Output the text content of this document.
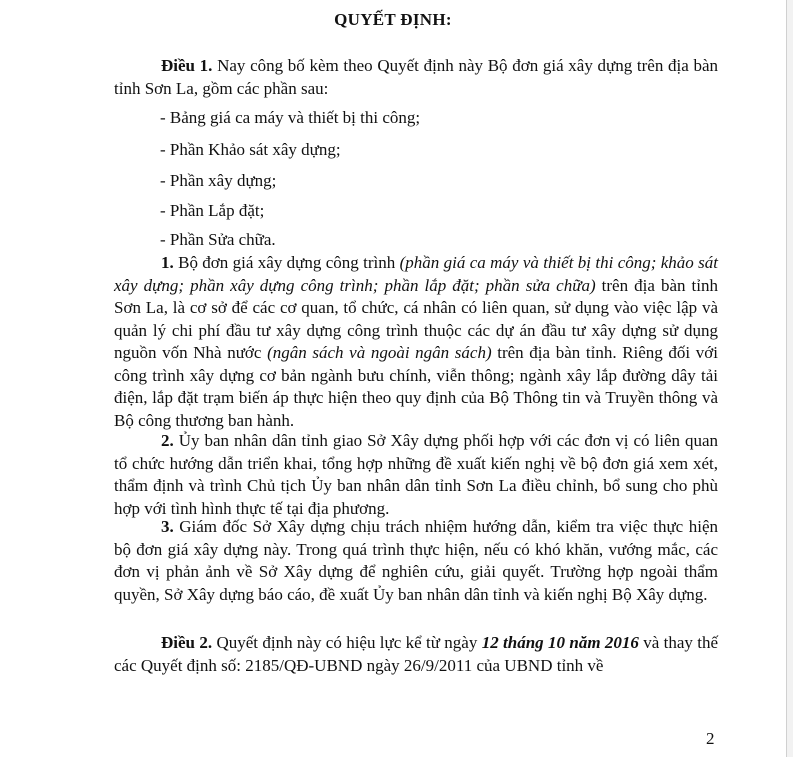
QUYẾT ĐỊNH:
Điều 1. Nay công bố kèm theo Quyết định này Bộ đơn giá xây dựng trên địa bàn tỉnh Sơn La, gồm các phần sau:
- Bảng giá ca máy và thiết bị thi công;
- Phần Khảo sát xây dựng;
- Phần xây dựng;
- Phần Lắp đặt;
- Phần Sửa chữa.
1. Bộ đơn giá xây dựng công trình (phần giá ca máy và thiết bị thi công; khảo sát xây dựng; phần xây dựng công trình; phần lắp đặt; phần sửa chữa) trên địa bàn tỉnh Sơn La, là cơ sở để các cơ quan, tổ chức, cá nhân có liên quan, sử dụng vào việc lập và quản lý chi phí đầu tư xây dựng công trình thuộc các dự án đầu tư xây dựng sử dụng nguồn vốn Nhà nước (ngân sách và ngoài ngân sách) trên địa bàn tỉnh. Riêng đối với công trình xây dựng cơ bản ngành bưu chính, viễn thông; ngành xây lắp đường dây tải điện, lắp đặt trạm biến áp thực hiện theo quy định của Bộ Thông tin và Truyền thông và Bộ công thương ban hành.
2. Ủy ban nhân dân tỉnh giao Sở Xây dựng phối hợp với các đơn vị có liên quan tổ chức hướng dẫn triển khai, tổng hợp những đề xuất kiến nghị về bộ đơn giá xem xét, thẩm định và trình Chủ tịch Ủy ban nhân dân tỉnh Sơn La điều chỉnh, bổ sung cho phù hợp với tình hình thực tế tại địa phương.
3. Giám đốc Sở Xây dựng chịu trách nhiệm hướng dẫn, kiểm tra việc thực hiện bộ đơn giá xây dựng này. Trong quá trình thực hiện, nếu có khó khăn, vướng mắc, các đơn vị phản ảnh về Sở Xây dựng để nghiên cứu, giải quyết. Trường hợp ngoài thẩm quyền, Sở Xây dựng báo cáo, đề xuất Ủy ban nhân dân tỉnh và kiến nghị Bộ Xây dựng.
Điều 2. Quyết định này có hiệu lực kể từ ngày 12 tháng 10 năm 2016 và thay thế các Quyết định số: 2185/QĐ-UBND ngày 26/9/2011 của UBND tỉnh về
2
